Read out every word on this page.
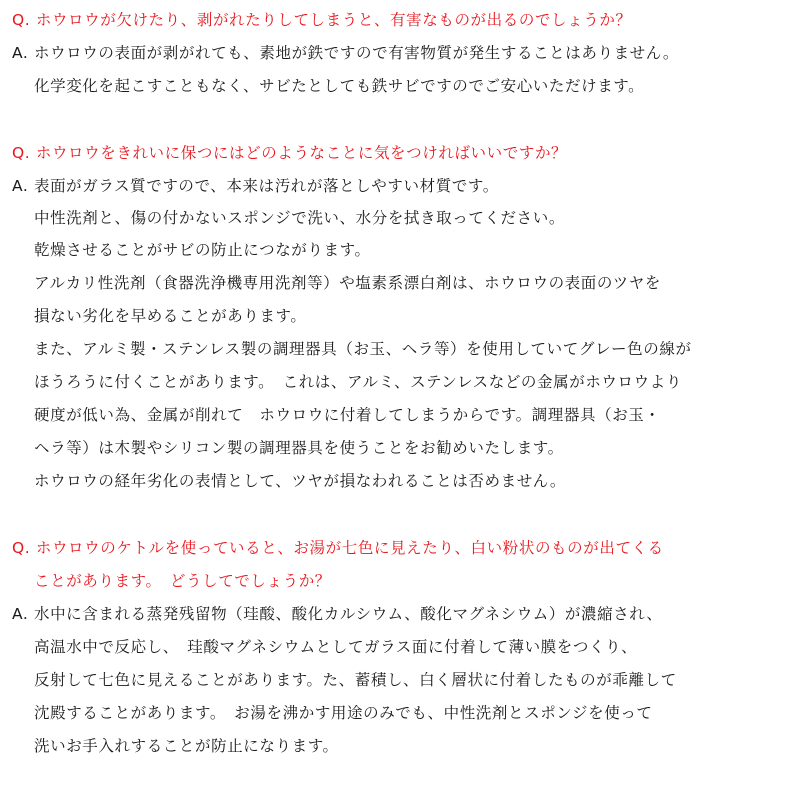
Q. ホウロウが欠けたり、剥がれたりしてしまうと、有害なものが出るのでしょうか？
A. ホウロウの表面が剥がれても、素地が鉄ですので有害物質が発生することはありません。
化学変化を起こすこともなく、サビたとしても鉄サビですのでご安心いただけます。
Q. ホウロウをきれいに保つにはどのようなことに気をつければいいですか？
A. 表面がガラス質ですので、本来は汚れが落としやすい材質です。
中性洗剤と、傷の付かないスポンジで洗い、水分を拭き取ってください。
乾燥させることがサビの防止につながります。
アルカリ性洗剤（食器洗浄機専用洗剤等）や塩素系漂白剤は、ホウロウの表面のツヤを
損ない劣化を早めることがあります。
また、アルミ製・ステンレス製の調理器具（お玉、ヘラ等）を使用していてグレー色の線が
ほうろうに付くことがあります。　これは、アルミ、ステンレスなどの金属がホウロウより
硬度が低い為、金属が削れて　ホウロウに付着してしまうからです。調理器具（お玉・
ヘラ等）は木製やシリコン製の調理器具を使うことをお勧めいたします。
ホウロウの経年劣化の表情として、ツヤが損なわれることは否めません。
Q. ホウロウのケトルを使っていると、お湯が七色に見えたり、白い粉状のものが出てくる
ことがあります。　どうしてでしょうか？
A. 水中に含まれる蒸発残留物（珪酸、酸化カルシウム、酸化マグネシウム）が濃縮され、
高温水中で反応し、　珪酸マグネシウムとしてガラス面に付着して薄い膜をつくり、
反射して七色に見えることがあります。た、蓄積し、白く層状に付着したものが乖離して
沈殿することがあります。　お湯を沸かす用途のみでも、中性洗剤とスポンジを使って
洗いお手入れすることが防止になります。
